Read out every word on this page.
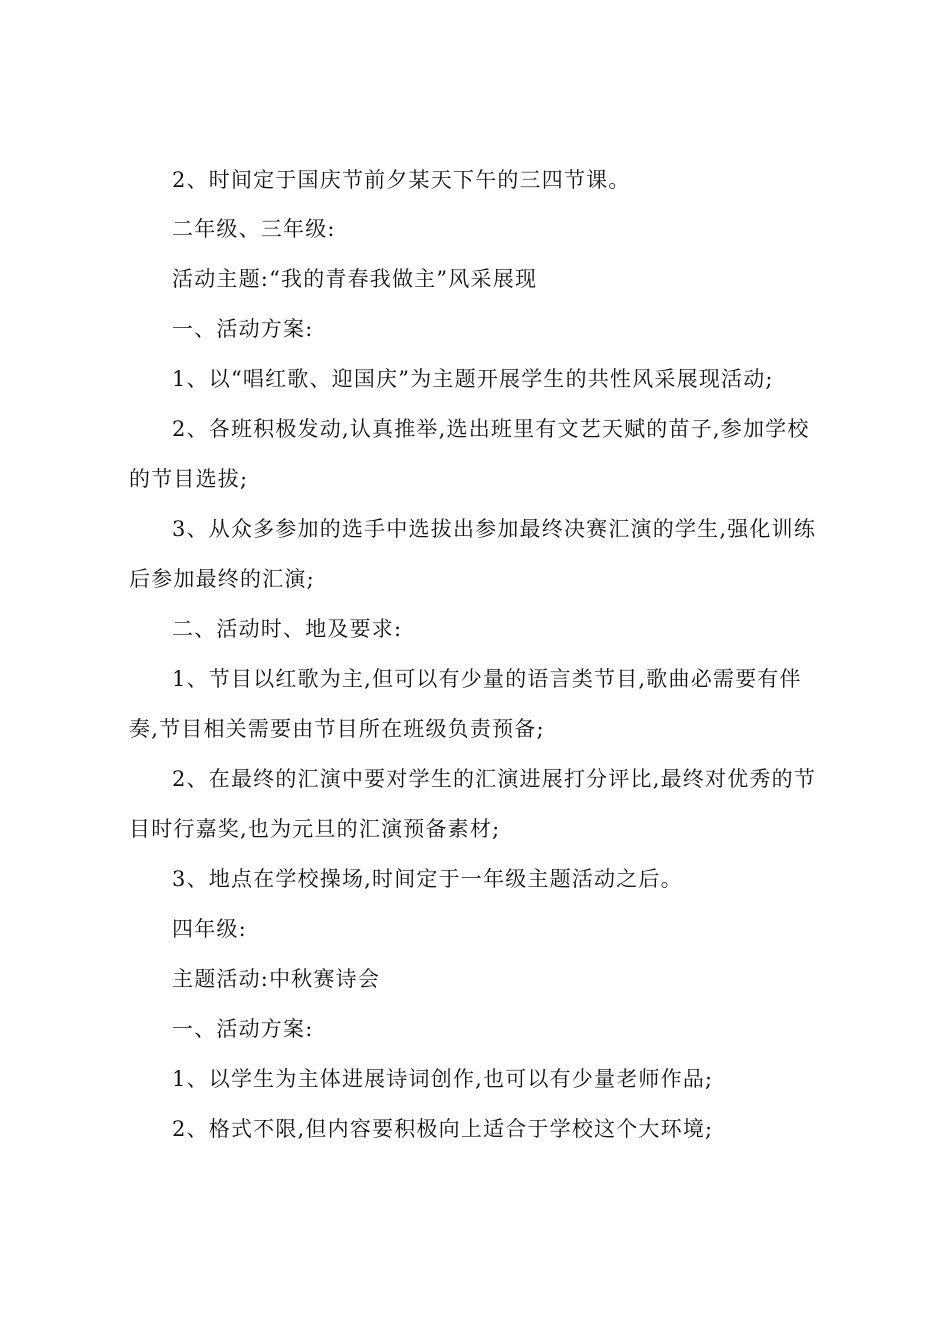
2、时间定于国庆节前夕某天下午的三四节课。
二年级、三年级:
活动主题:“我的青春我做主”风采展现
一、活动方案:
1、以“唱红歌、迎国庆”为主题开展学生的共性风采展现活动;
2、各班积极发动,认真推举,选出班里有文艺天赋的苗子,参加学校
的节目选拔;
3、从众多参加的选手中选拔出参加最终决赛汇演的学生,强化训练
后参加最终的汇演;
二、活动时、地及要求:
1、节目以红歌为主,但可以有少量的语言类节目,歌曲必需要有伴
奏,节目相关需要由节目所在班级负责预备;
2、在最终的汇演中要对学生的汇演进展打分评比,最终对优秀的节
目时行嘉奖,也为元旦的汇演预备素材;
3、地点在学校操场,时间定于一年级主题活动之后。
四年级:
主题活动:中秋赛诗会
一、活动方案:
1、以学生为主体进展诗词创作,也可以有少量老师作品;
2、格式不限,但内容要积极向上适合于学校这个大环境;
